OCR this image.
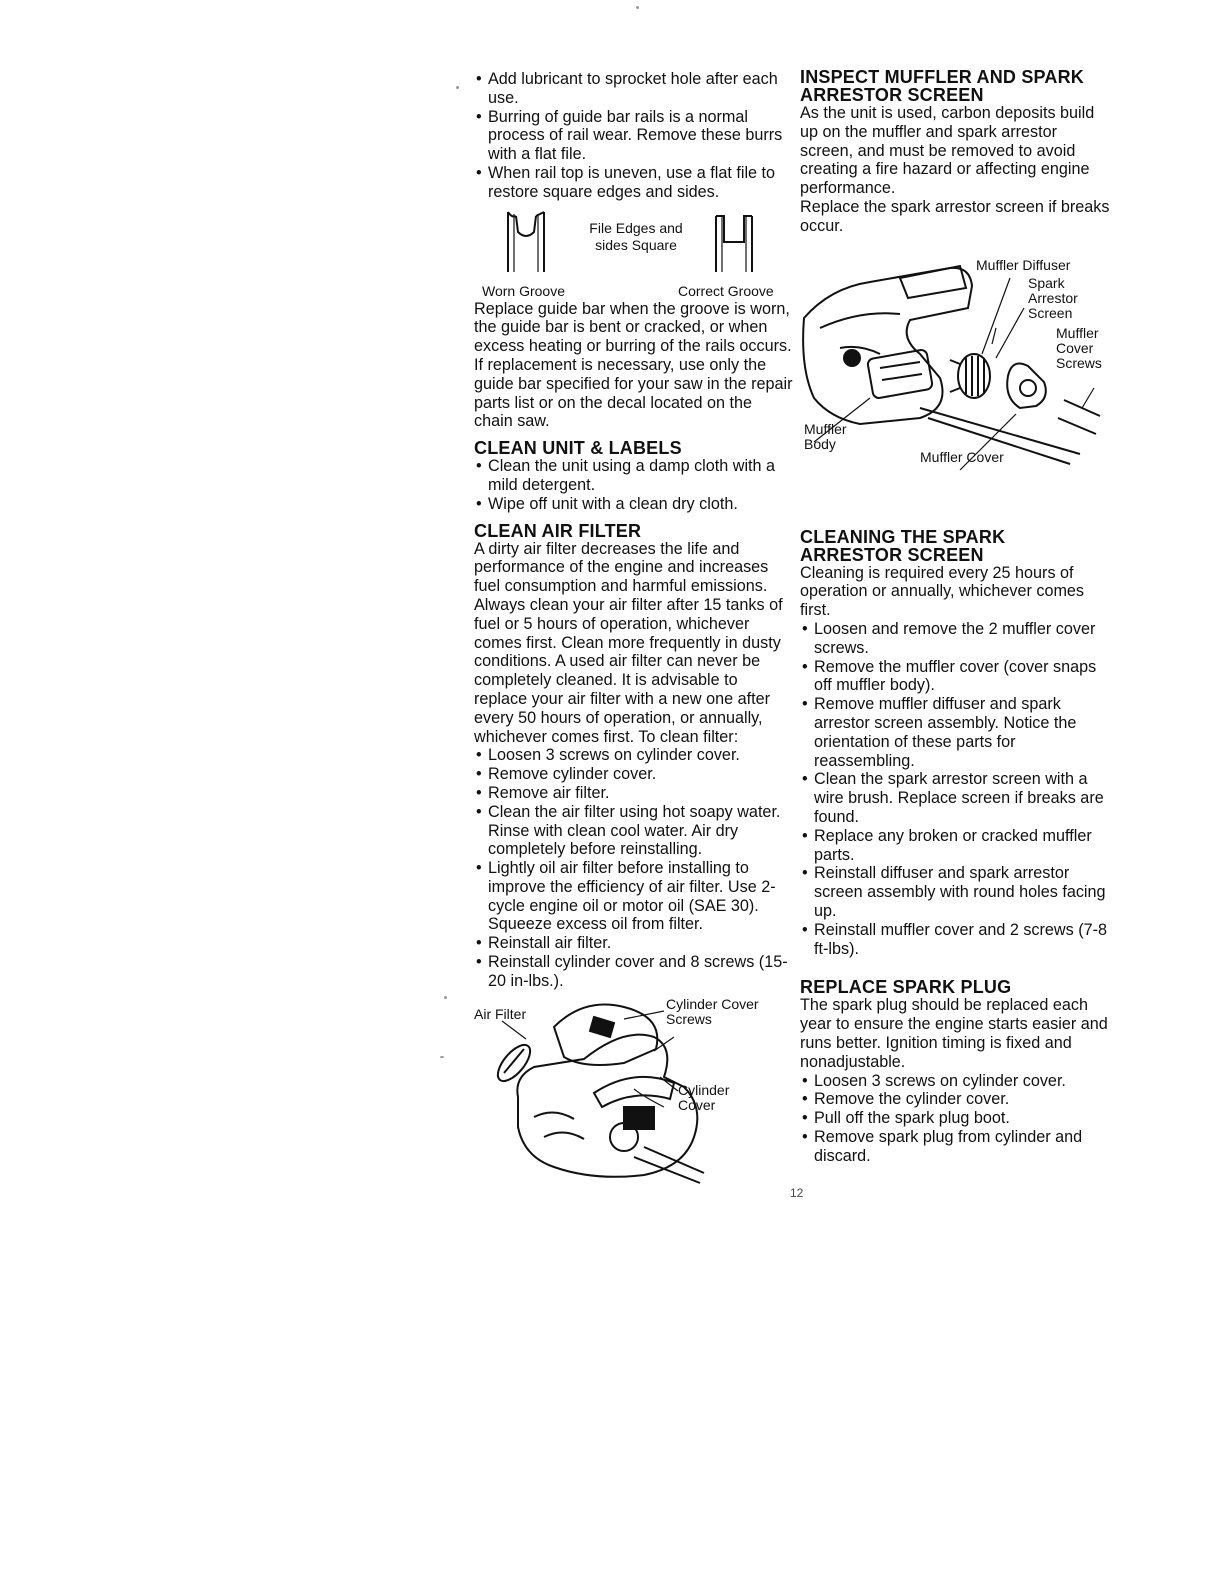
• Add lubricant to sprocket hole after each use.
• Burring of guide bar rails is a normal process of rail wear. Remove these burrs with a flat file.
• When rail top is uneven, use a flat file to restore square edges and sides.
File Edges and sides Square
Worn Groove	Correct Groove

Replace guide bar when the groove is worn, the guide bar is bent or cracked, or when excess heating or burring of the rails occurs. If replacement is necessary, use only the guide bar specified for your saw in the repair parts list or on the decal located on the chain saw.

CLEAN UNIT & LABELS
• Clean the unit using a damp cloth with a mild detergent.
• Wipe off unit with a clean dry cloth.
CLEAN AIR FILTER

A dirty air filter decreases the life and performance of the engine and increases fuel consumption and harmful emissions. Always clean your air filter after 15 tanks of fuel or 5 hours of operation, whichever comes first. Clean more frequently in dusty conditions. A used air filter can never be completely cleaned. It is advisable to replace your air filter with a new one after every 50 hours of operation, or annually, whichever comes first. To clean filter:

• Loosen 3 screws on cylinder cover.
• Remove cylinder cover.
• Remove air filter.
• Clean the air filter using hot soapy water. Rinse with clean cool water. Air dry completely before reinstalling.
• Lightly oil air filter before installing to improve the efficiency of air filter. Use 2-cycle engine oil or motor oil (SAE 30). Squeeze excess oil from filter.
• Reinstall air filter.
• Reinstall cylinder cover and 8 screws (15-20 in-lbs.).
Air Filter
Cylinder Cover Screws
Cylinder Cover
INSPECT MUFFLER AND SPARK ARRESTOR SCREEN

As the unit is used, carbon deposits build up on the muffler and spark arrestor screen, and must be removed to avoid creating a fire hazard or affecting engine performance.

Replace the spark arrestor screen if breaks occur.

Muffler Diffuser
Spark Arrestor Screen
Muffler Cover Screws
Muffler Body
Muffler Cover
CLEANING THE SPARK ARRESTOR SCREEN

Cleaning is required every 25 hours of operation or annually, whichever comes first.

• Loosen and remove the 2 muffler cover screws.
• Remove the muffler cover (cover snaps off muffler body).
• Remove muffler diffuser and spark arrestor screen assembly. Notice the orientation of these parts for reassembling.
• Clean the spark arrestor screen with a wire brush. Replace screen if breaks are found.
• Replace any broken or cracked muffler parts.
• Reinstall diffuser and spark arrestor screen assembly with round holes facing up.
• Reinstall muffler cover and 2 screws (7-8 ft-lbs).
REPLACE SPARK PLUG

The spark plug should be replaced each year to ensure the engine starts easier and runs better. Ignition timing is fixed and nonadjustable.

• Loosen 3 screws on cylinder cover.
• Remove the cylinder cover.
• Pull off the spark plug boot.
• Remove spark plug from cylinder and discard.
12
